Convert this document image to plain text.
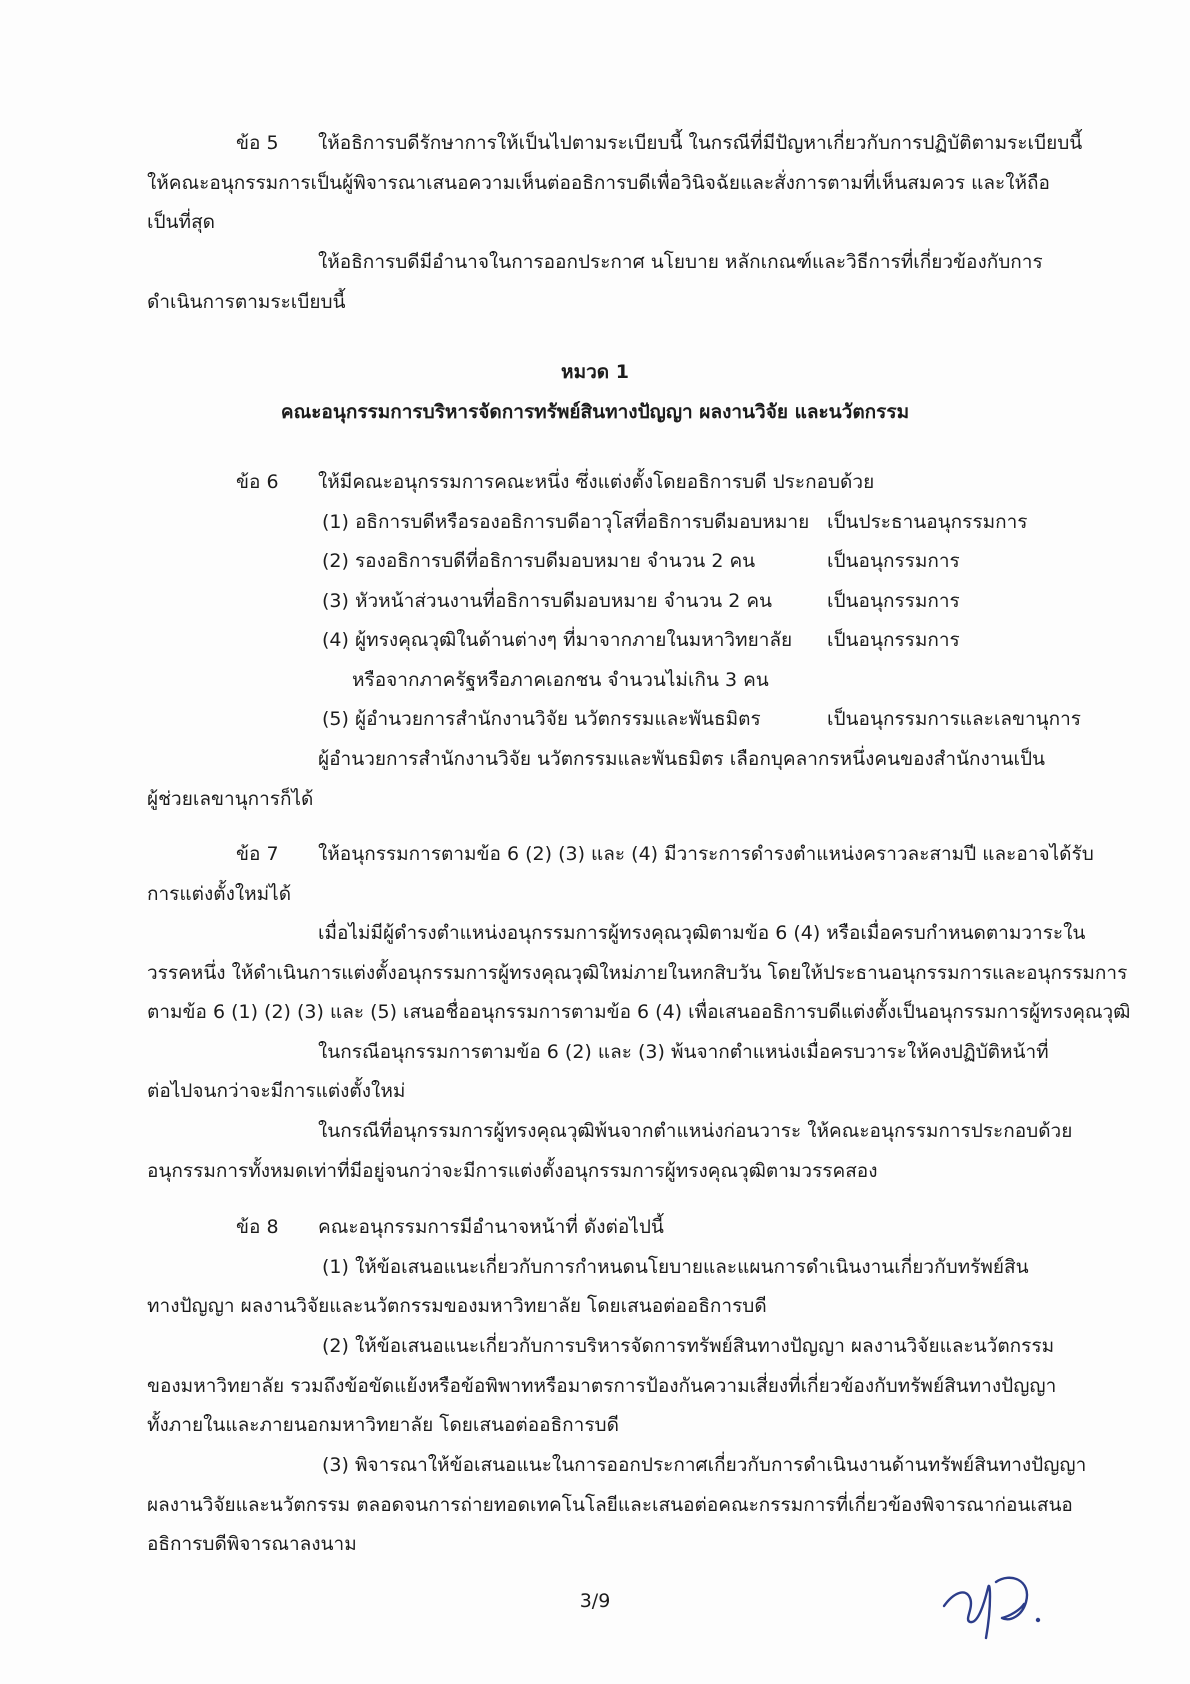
ข้อ 5 ให้อธิการบดีรักษาการให้เป็นไปตามระเบียบนี้ ในกรณีที่มีปัญหาเกี่ยวกับการปฏิบัติตามระเบียบนี้
ให้คณะอนุกรรมการเป็นผู้พิจารณาเสนอความเห็นต่ออธิการบดีเพื่อวินิจฉัยและสั่งการตามที่เห็นสมควร และให้ถือ
เป็นที่สุด
ให้อธิการบดีมีอำนาจในการออกประกาศ นโยบาย หลักเกณฑ์และวิธีการที่เกี่ยวข้องกับการ
ดำเนินการตามระเบียบนี้
หมวด 1
คณะอนุกรรมการบริหารจัดการทรัพย์สินทางปัญญา ผลงานวิจัย และนวัตกรรม
ข้อ 6 ให้มีคณะอนุกรรมการคณะหนึ่ง ซึ่งแต่งตั้งโดยอธิการบดี ประกอบด้วย
(1) อธิการบดีหรือรองอธิการบดีอาวุโสที่อธิการบดีมอบหมาย เป็นประธานอนุกรรมการ
(2) รองอธิการบดีที่อธิการบดีมอบหมาย จำนวน 2 คน	เป็นอนุกรรมการ
(3) หัวหน้าส่วนงานที่อธิการบดีมอบหมาย จำนวน 2 คน	เป็นอนุกรรมการ
(4) ผู้ทรงคุณวุฒิในด้านต่างๆ ที่มาจากภายในมหาวิทยาลัย เป็นอนุกรรมการ
หรือจากภาครัฐหรือภาคเอกชน จำนวนไม่เกิน 3 คน
(5) ผู้อำนวยการสำนักงานวิจัย นวัตกรรมและพันธมิตร	เป็นอนุกรรมการและเลขานุการ
ผู้อำนวยการสำนักงานวิจัย นวัตกรรมและพันธมิตร เลือกบุคลากรหนึ่งคนของสำนักงานเป็น
ผู้ช่วยเลขานุการก็ได้
ข้อ 7 ให้อนุกรรมการตามข้อ 6 (2) (3) และ (4) มีวาระการดำรงตำแหน่งคราวละสามปี และอาจได้รับ
การแต่งตั้งใหม่ได้
เมื่อไม่มีผู้ดำรงตำแหน่งอนุกรรมการผู้ทรงคุณวุฒิตามข้อ 6 (4) หรือเมื่อครบกำหนดตามวาระใน
วรรคหนึ่ง ให้ดำเนินการแต่งตั้งอนุกรรมการผู้ทรงคุณวุฒิใหม่ภายในหกสิบวัน โดยให้ประธานอนุกรรมการและอนุกรรมการ
ตามข้อ 6 (1) (2) (3) และ (5) เสนอชื่ออนุกรรมการตามข้อ 6 (4) เพื่อเสนออธิการบดีแต่งตั้งเป็นอนุกรรมการผู้ทรงคุณวุฒิ
ในกรณีอนุกรรมการตามข้อ 6 (2) และ (3) พ้นจากตำแหน่งเมื่อครบวาระให้คงปฏิบัติหน้าที่
ต่อไปจนกว่าจะมีการแต่งตั้งใหม่
ในกรณีที่อนุกรรมการผู้ทรงคุณวุฒิพ้นจากตำแหน่งก่อนวาระ ให้คณะอนุกรรมการประกอบด้วย
อนุกรรมการทั้งหมดเท่าที่มีอยู่จนกว่าจะมีการแต่งตั้งอนุกรรมการผู้ทรงคุณวุฒิตามวรรคสอง
ข้อ 8 คณะอนุกรรมการมีอำนาจหน้าที่ ดังต่อไปนี้
(1) ให้ข้อเสนอแนะเกี่ยวกับการกำหนดนโยบายและแผนการดำเนินงานเกี่ยวกับทรัพย์สิน
ทางปัญญา ผลงานวิจัยและนวัตกรรมของมหาวิทยาลัย โดยเสนอต่ออธิการบดี
(2) ให้ข้อเสนอแนะเกี่ยวกับการบริหารจัดการทรัพย์สินทางปัญญา ผลงานวิจัยและนวัตกรรม
ของมหาวิทยาลัย รวมถึงข้อขัดแย้งหรือข้อพิพาทหรือมาตรการป้องกันความเสี่ยงที่เกี่ยวข้องกับทรัพย์สินทางปัญญา
ทั้งภายในและภายนอกมหาวิทยาลัย โดยเสนอต่ออธิการบดี
(3) พิจารณาให้ข้อเสนอแนะในการออกประกาศเกี่ยวกับการดำเนินงานด้านทรัพย์สินทางปัญญา
ผลงานวิจัยและนวัตกรรม ตลอดจนการถ่ายทอดเทคโนโลยีและเสนอต่อคณะกรรมการที่เกี่ยวข้องพิจารณาก่อนเสนอ
อธิการบดีพิจารณาลงนาม
3/9
